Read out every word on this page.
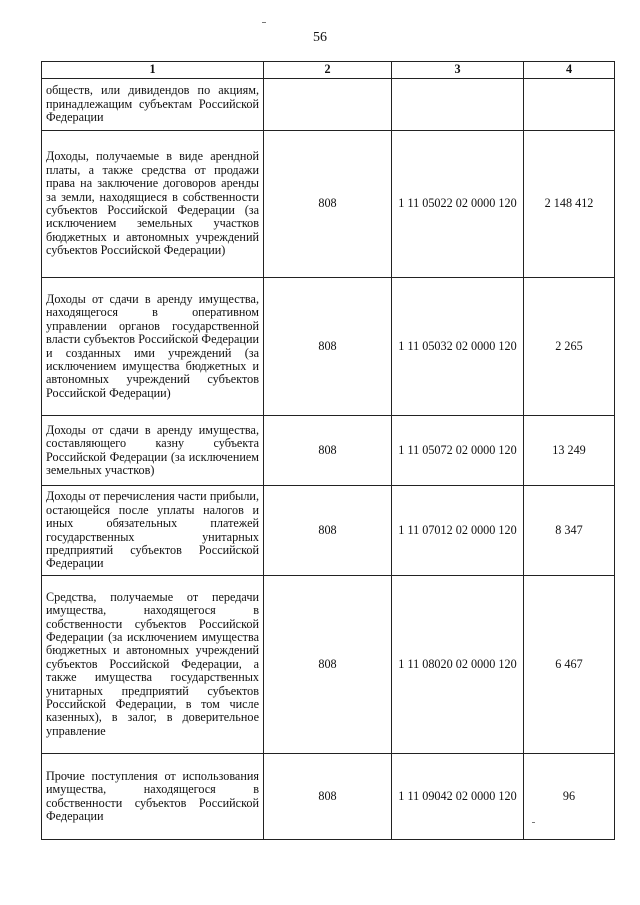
56
1	2	3	4
обществ, или дивидендов по акциям, принадлежащим субъектам Российской Федерации			
Доходы, получаемые в виде арендной платы, а также средства от продажи права на заключение договоров аренды за земли, находящиеся в собственности субъектов Российской Федерации (за исключением земельных участков бюджетных и автономных учреждений субъектов Российской Федерации)	808	1 11 05022 02 0000 120	2 148 412
Доходы от сдачи в аренду имущества, находящегося в оперативном управлении органов государственной власти субъектов Российской Федерации и созданных ими учреждений (за исключением имущества бюджетных и автономных учреждений субъектов Российской Федерации)	808	1 11 05032 02 0000 120	2 265
Доходы от сдачи в аренду имущества, составляющего казну субъекта Российской Федерации (за исключением земельных участков)	808	1 11 05072 02 0000 120	13 249
Доходы от перечисления части прибыли, остающейся после уплаты налогов и иных обязательных платежей государственных унитарных предприятий субъектов Российской Федерации	808	1 11 07012 02 0000 120	8 347
Средства, получаемые от передачи имущества, находящегося в собственности субъектов Российской Федерации (за исключением имущества бюджетных и автономных учреждений субъектов Российской Федерации, а также имущества государственных унитарных предприятий субъектов Российской Федерации, в том числе казенных), в залог, в доверительное управление	808	1 11 08020 02 0000 120	6 467
Прочие поступления от использования имущества, находящегося в собственности субъектов Российской Федерации	808	1 11 09042 02 0000 120	96
